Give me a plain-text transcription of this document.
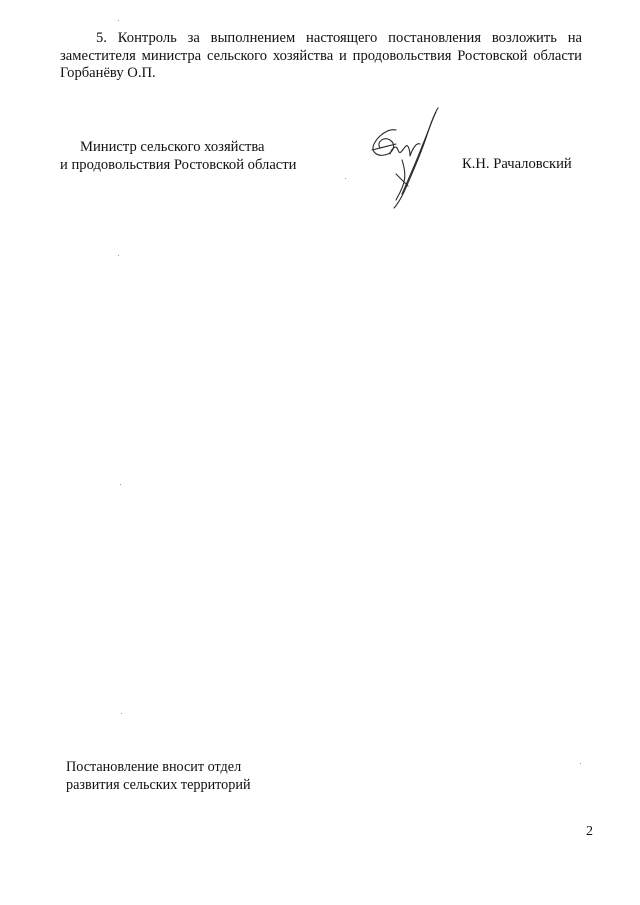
5. Контроль за выполнением настоящего постановления возложить на заместителя министра сельского хозяйства и продовольствия Ростовской области Горбанёву О.П.

Министр сельского хозяйства
и продовольствия Ростовской области	К.Н. Рачаловский
Постановление вносит отдел
развития сельских территорий
2
